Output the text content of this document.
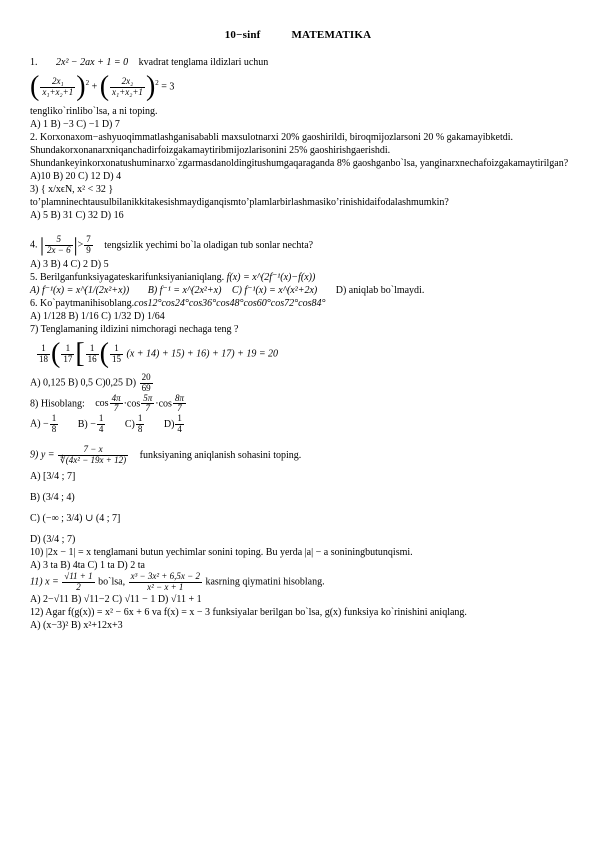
10−sinf	MATEMATIKA
1. 2x² − 2ax + 1 = 0 kvadrat tenglama ildizlari uchun
( $\frac{\text{2x₁}}{\text{x₁+x₂+1}} )^2$ + ( $\frac{\text{2x₂}}{\text{x₁+x₂+1}} )^2 = 3$
tenglikо`rinlibо`lsa, a ni toping.
A) 1 B) −3 C) −1 D) 7
2. Korxonaxom−ashyuoqimmatlashganisababli maxsulotnarxi 20% gaoshirildi, biroqmijozlarsoni 20 % gakamayibketdi. Shundakorxonanarxniqanchadirfoizgakamaytiribmijozlarisonini 25% gaoshirishgaerishdi. Shundankeyinkorxonatushuminarxo`zgarmasdanoldingitushumgaqaraganda 8% gaoshganbо`lsa, yanginarxnechafoizgakamaytirilgan?
A)10 B) 20 C) 12 D) 4
3) { x/xϵN, x² < 32 }
to’plamninechtausulbilanikkitakesishmaydiganqismto’plamlarbirlashmasiko’rinishidaifodalashmumkin?
A) 5 B) 31 C) 32 D) 16
4. | $\frac{5}{2x - 6}$ |> $\frac{7}{9}$ tengsizlik yechimi bо`la oladigan tub sonlar nechta?
A) 3 B) 4 C) 2 D) 5
5. Berilganfunksiyagateskarifunksiyanianiqlang. f(x) = x^(2f⁻¹(x)−f(x))
A) f⁻¹(x) = x^(1/(2x²+x)) B) f⁻¹ = x^(2x²+x) C) f⁻¹(x) = x^(x²+2x) D) aniqlab bо`lmaydi.
6. Ko`paytmanihisoblang.cos12°cos24°cos36°cos48°cos60°cos72°cos84°
A) 1/128 B) 1/16 C) 1/32 D) 1/64
7) Tenglamaning ildizini nimchoragi nechaga teng ?
$\frac{1}{18}$ ( $\frac{1}{17}$ [ $\frac{1}{16}$ ( $\frac{1}{15} (x + 14) + 15) + 16) + 17) + 19 = 20$
A) 0,125 B) 0,5 C)0,25 $D) \frac{20}{69}$
8) Hisoblang: $\cos \frac{4\pi}{7} \cdot\cos \frac{5\pi}{7} \cdot\cos \frac{8\pi}{7}$
$A) - \frac{1}{8} B) - \frac{1}{4} C) \frac{1}{8} D) \frac{1}{4}$
9) $y = \frac{7 - x}{\text{∜(4x² − 19x + 12)}}$ funksiyaning aniqlanish sohasini toping.
A) [3/4 ; 7]
B) (3/4 ; 4)
C) (−∞ ; 3/4) ∪ (4 ; 7]
D) (3/4 ; 7)
10) |2x − 1| = x tenglamani butun yechimlar sonini toping. Bu yerda |a| − a soniningbutunqismi.
A) 3 ta B) 4ta C) 1 ta D) 2 ta
11) $x = \frac{√11 + 1}{2}$ bо`lsa, $\frac{\text{x³ − 3x² + 6,5x − 2}}{\text{x² − x + 1}}$ kasrning qiymatini hisoblang.
A) 2−√11 B) √11−2 C) √11 − 1 D) √11 + 1
12) Agar f(g(x)) = x² − 6x + 6 va f(x) = x − 3 funksiyalar berilgan bо`lsa, g(x) funksiya kо`rinishini aniqlang.
A) (x−3)² B) x²+12x+3
